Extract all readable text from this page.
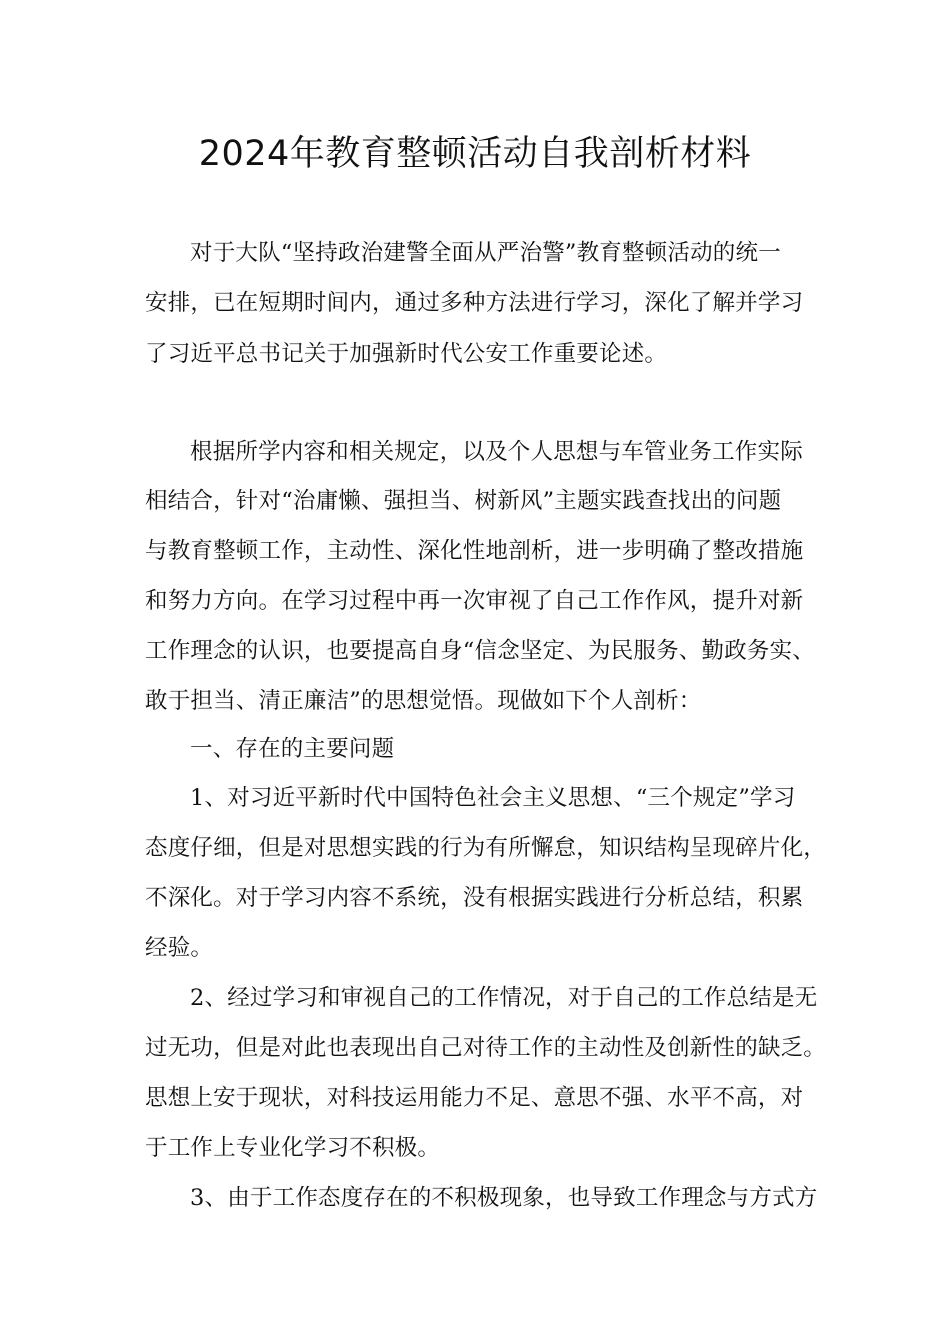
2024年教育整顿活动自我剖析材料
对于大队“坚持政治建警全面从严治警”教育整顿活动的统一
安排，已在短期时间内，通过多种方法进行学习，深化了解并学习
了习近平总书记关于加强新时代公安工作重要论述。
根据所学内容和相关规定，以及个人思想与车管业务工作实际
相结合，针对“治庸懒、强担当、树新风”主题实践查找出的问题
与教育整顿工作，主动性、深化性地剖析，进一步明确了整改措施
和努力方向。在学习过程中再一次审视了自己工作作风，提升对新
工作理念的认识，也要提高自身“信念坚定、为民服务、勤政务实、
敢于担当、清正廉洁”的思想觉悟。现做如下个人剖析：
一、存在的主要问题
1、对习近平新时代中国特色社会主义思想、“三个规定”学习
态度仔细，但是对思想实践的行为有所懈怠，知识结构呈现碎片化，
不深化。对于学习内容不系统，没有根据实践进行分析总结，积累
经验。
2、经过学习和审视自己的工作情况，对于自己的工作总结是无
过无功，但是对此也表现出自己对待工作的主动性及创新性的缺乏。
思想上安于现状，对科技运用能力不足、意思不强、水平不高，对
于工作上专业化学习不积极。
3、由于工作态度存在的不积极现象，也导致工作理念与方式方
